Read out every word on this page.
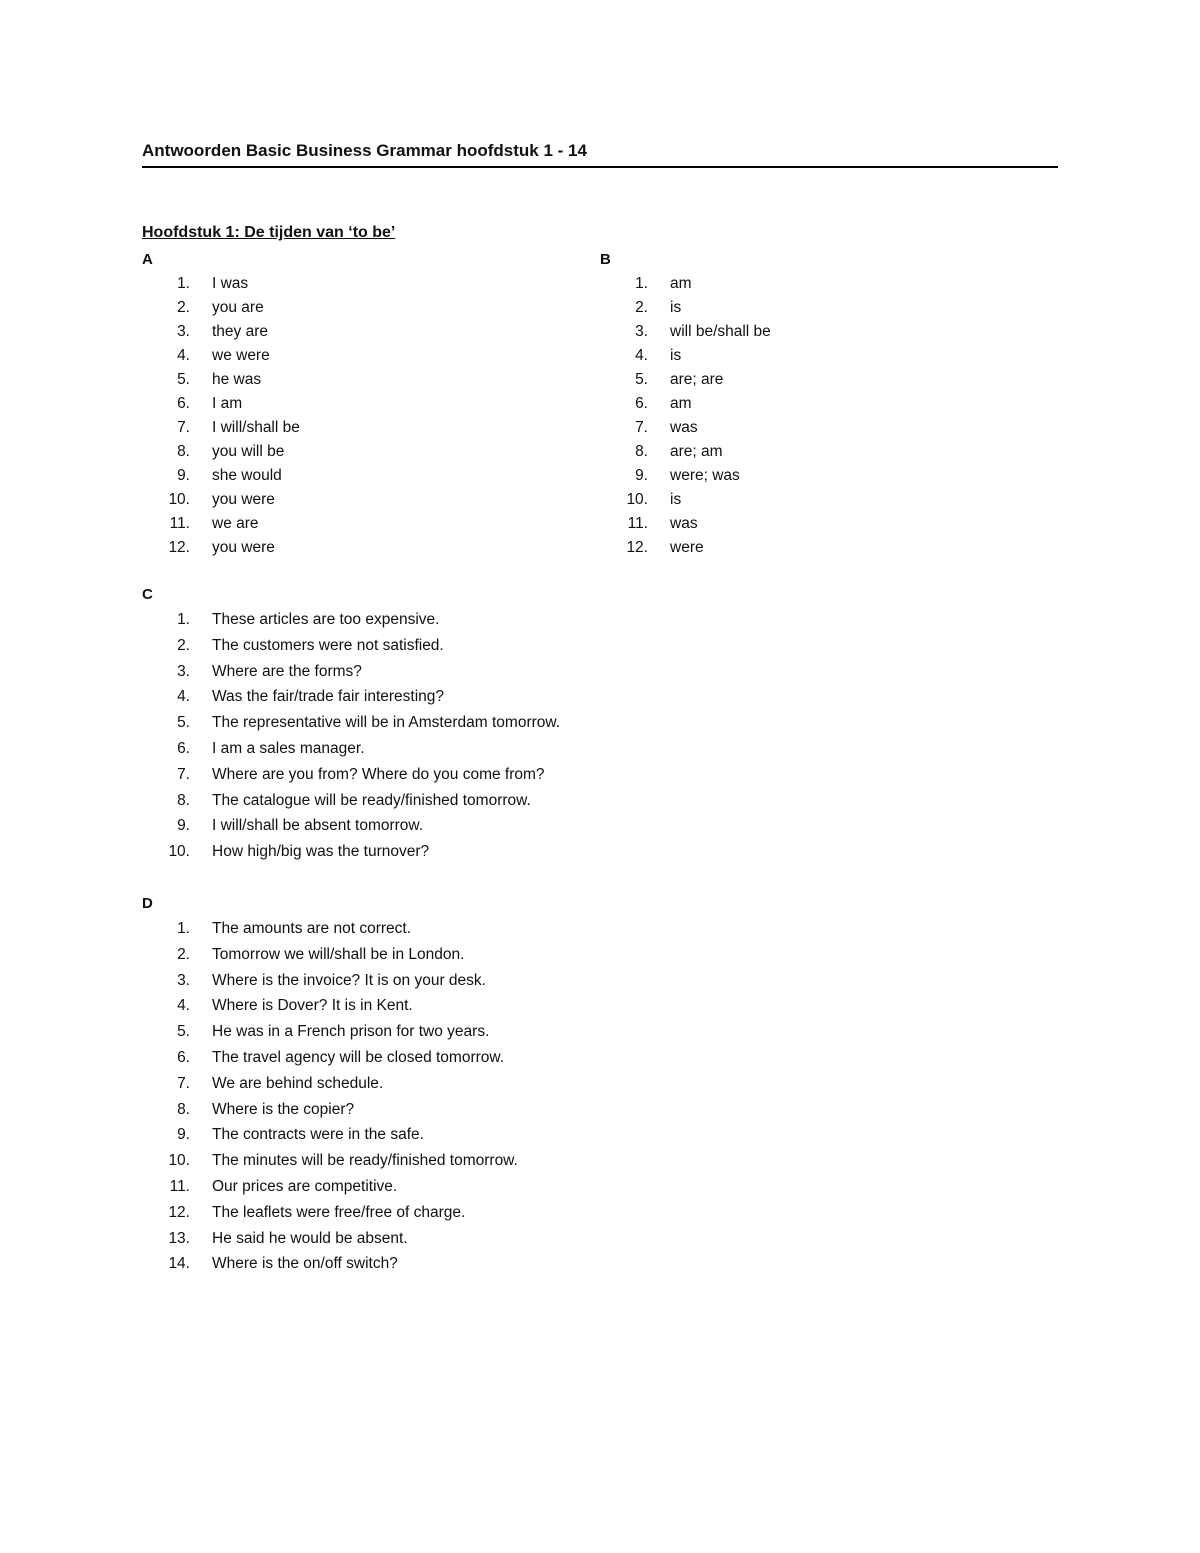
Antwoorden Basic Business Grammar hoofdstuk 1 - 14
Hoofdstuk 1: De tijden van ‘to be’
A
1. I was
2. you are
3. they are
4. we were
5. he was
6. I am
7. I will/shall be
8. you will be
9. she would
10. you were
11. we are
12. you were
B
1. am
2. is
3. will be/shall be
4. is
5. are; are
6. am
7. was
8. are; am
9. were; was
10. is
11. was
12. were
C
1. These articles are too expensive.
2. The customers were not satisfied.
3. Where are the forms?
4. Was the fair/trade fair interesting?
5. The representative will be in Amsterdam tomorrow.
6. I am a sales manager.
7. Where are you from? Where do you come from?
8. The catalogue will be ready/finished tomorrow.
9. I will/shall be absent tomorrow.
10. How high/big was the turnover?
D
1. The amounts are not correct.
2. Tomorrow we will/shall be in London.
3. Where is the invoice? It is on your desk.
4. Where is Dover? It is in Kent.
5. He was in a French prison for two years.
6. The travel agency will be closed tomorrow.
7. We are behind schedule.
8. Where is the copier?
9. The contracts were in the safe.
10. The minutes will be ready/finished tomorrow.
11. Our prices are competitive.
12. The leaflets were free/free of charge.
13. He said he would be absent.
14. Where is the on/off switch?
